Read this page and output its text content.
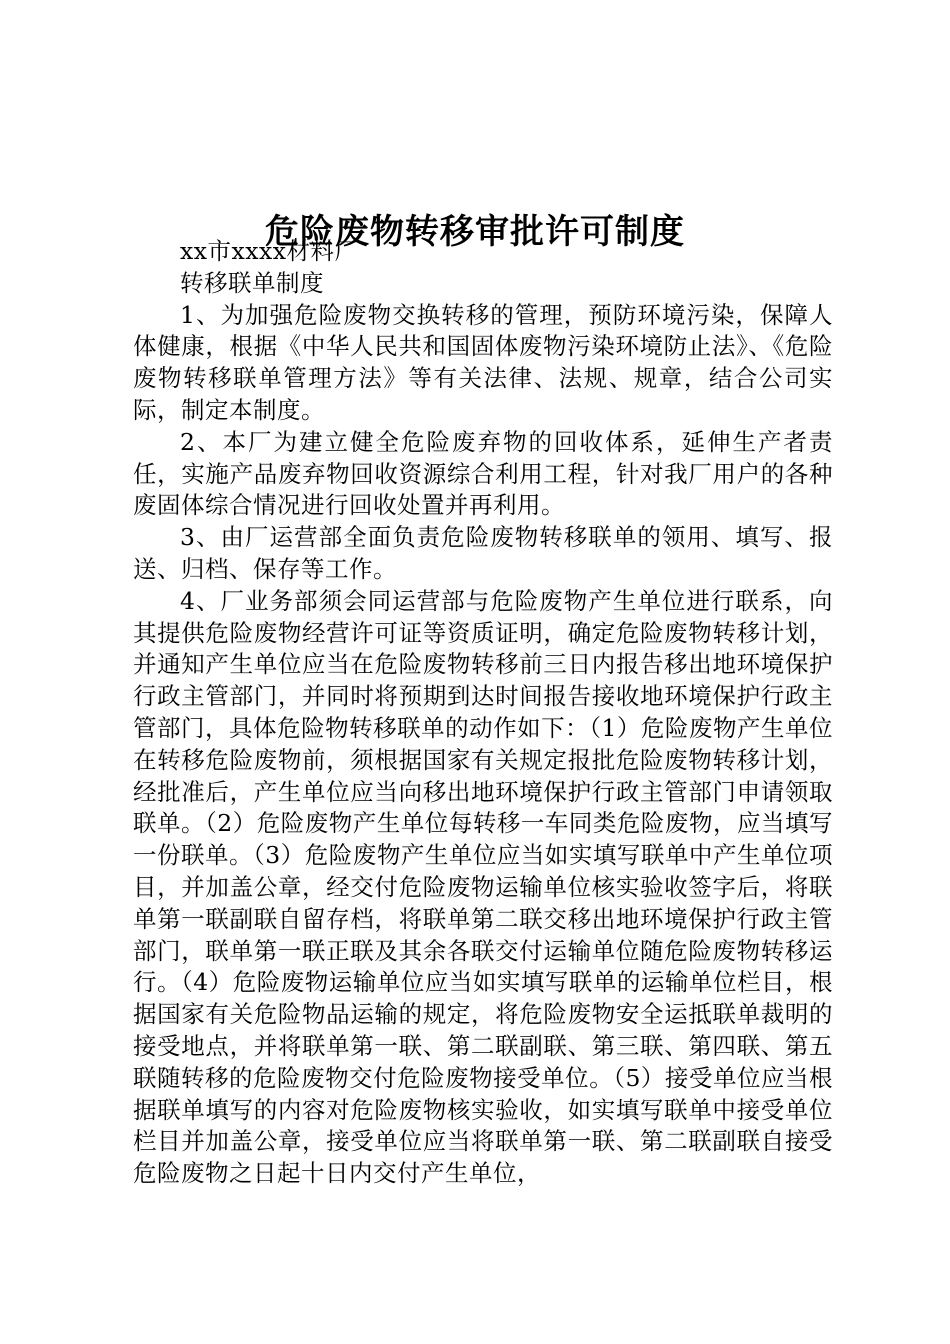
危险废物转移审批许可制度

xx市xxxx材料厂

转移联单制度

1、为加强危险废物交换转移的管理，预防环境污染，保障人体健康，根据《中华人民共和国固体废物污染环境防止法》、《危险废物转移联单管理方法》等有关法律、法规、规章，结合公司实际，制定本制度。

2、本厂为建立健全危险废弃物的回收体系，延伸生产者责任，实施产品废弃物回收资源综合利用工程，针对我厂用户的各种废固体综合情况进行回收处置并再利用。

3、由厂运营部全面负责危险废物转移联单的领用、填写、报送、归档、保存等工作。

4、厂业务部须会同运营部与危险废物产生单位进行联系，向其提供危险废物经营许可证等资质证明，确定危险废物转移计划，并通知产生单位应当在危险废物转移前三日内报告移出地环境保护行政主管部门，并同时将预期到达时间报告接收地环境保护行政主管部门，具体危险物转移联单的动作如下：（1）危险废物产生单位在转移危险废物前，须根据国家有关规定报批危险废物转移计划，经批准后，产生单位应当向移出地环境保护行政主管部门申请领取联单。（2）危险废物产生单位每转移一车同类危险废物，应当填写一份联单。（3）危险废物产生单位应当如实填写联单中产生单位项目，并加盖公章，经交付危险废物运输单位核实验收签字后，将联单第一联副联自留存档，将联单第二联交移出地环境保护行政主管部门，联单第一联正联及其余各联交付运输单位随危险废物转移运行。（4）危险废物运输单位应当如实填写联单的运输单位栏目，根据国家有关危险物品运输的规定，将危险废物安全运抵联单裁明的接受地点，并将联单第一联、第二联副联、第三联、第四联、第五联随转移的危险废物交付危险废物接受单位。（5）接受单位应当根据联单填写的内容对危险废物核实验收，如实填写联单中接受单位栏目并加盖公章，接受单位应当将联单第一联、第二联副联自接受危险废物之日起十日内交付产生单位，
